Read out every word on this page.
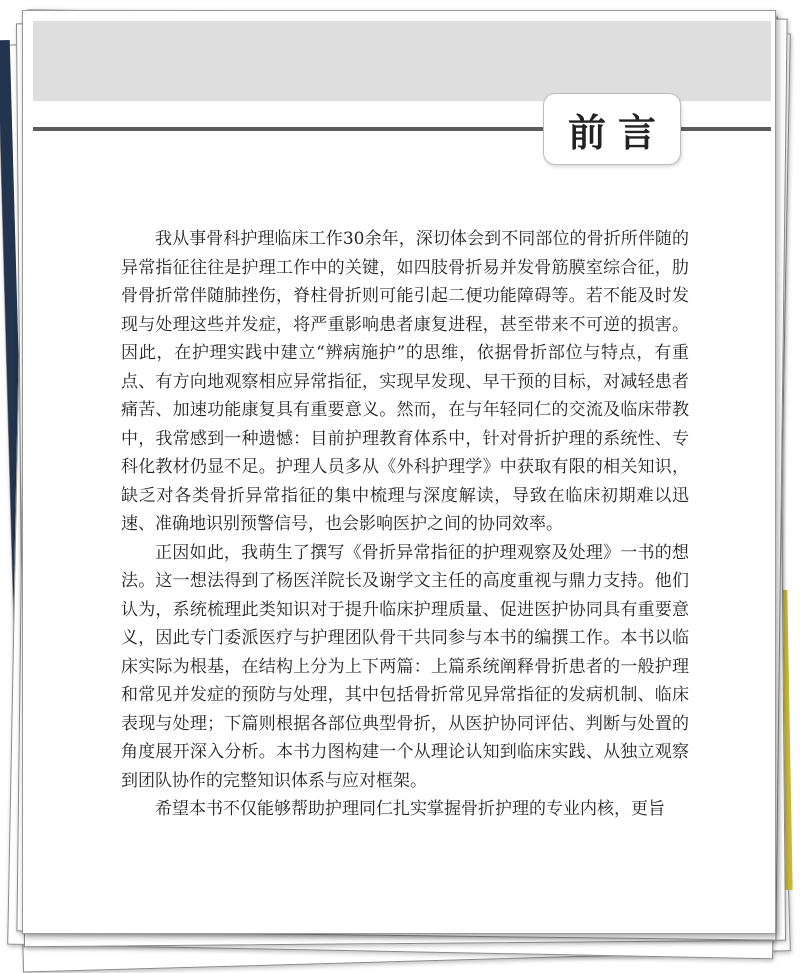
前言

我从事骨科护理临床工作30余年，深切体会到不同部位的骨折所伴随的异常指征往往是护理工作中的关键，如四肢骨折易并发骨筋膜室综合征，肋骨骨折常伴随肺挫伤，脊柱骨折则可能引起二便功能障碍等。若不能及时发现与处理这些并发症，将严重影响患者康复进程，甚至带来不可逆的损害。因此，在护理实践中建立“辨病施护”的思维，依据骨折部位与特点，有重点、有方向地观察相应异常指征，实现早发现、早干预的目标，对减轻患者痛苦、加速功能康复具有重要意义。然而，在与年轻同仁的交流及临床带教中，我常感到一种遗憾：目前护理教育体系中，针对骨折护理的系统性、专科化教材仍显不足。护理人员多从《外科护理学》中获取有限的相关知识，缺乏对各类骨折异常指征的集中梳理与深度解读，导致在临床初期难以迅速、准确地识别预警信号，也会影响医护之间的协同效率。

正因如此，我萌生了撰写《骨折异常指征的护理观察及处理》一书的想法。这一想法得到了杨医洋院长及谢学文主任的高度重视与鼎力支持。他们认为，系统梳理此类知识对于提升临床护理质量、促进医护协同具有重要意义，因此专门委派医疗与护理团队骨干共同参与本书的编撰工作。本书以临床实际为根基，在结构上分为上下两篇：上篇系统阐释骨折患者的一般护理和常见并发症的预防与处理，其中包括骨折常见异常指征的发病机制、临床表现与处理；下篇则根据各部位典型骨折，从医护协同评估、判断与处置的角度展开深入分析。本书力图构建一个从理论认知到临床实践、从独立观察到团队协作的完整知识体系与应对框架。

希望本书不仅能够帮助护理同仁扎实掌握骨折护理的专业内核，更旨
